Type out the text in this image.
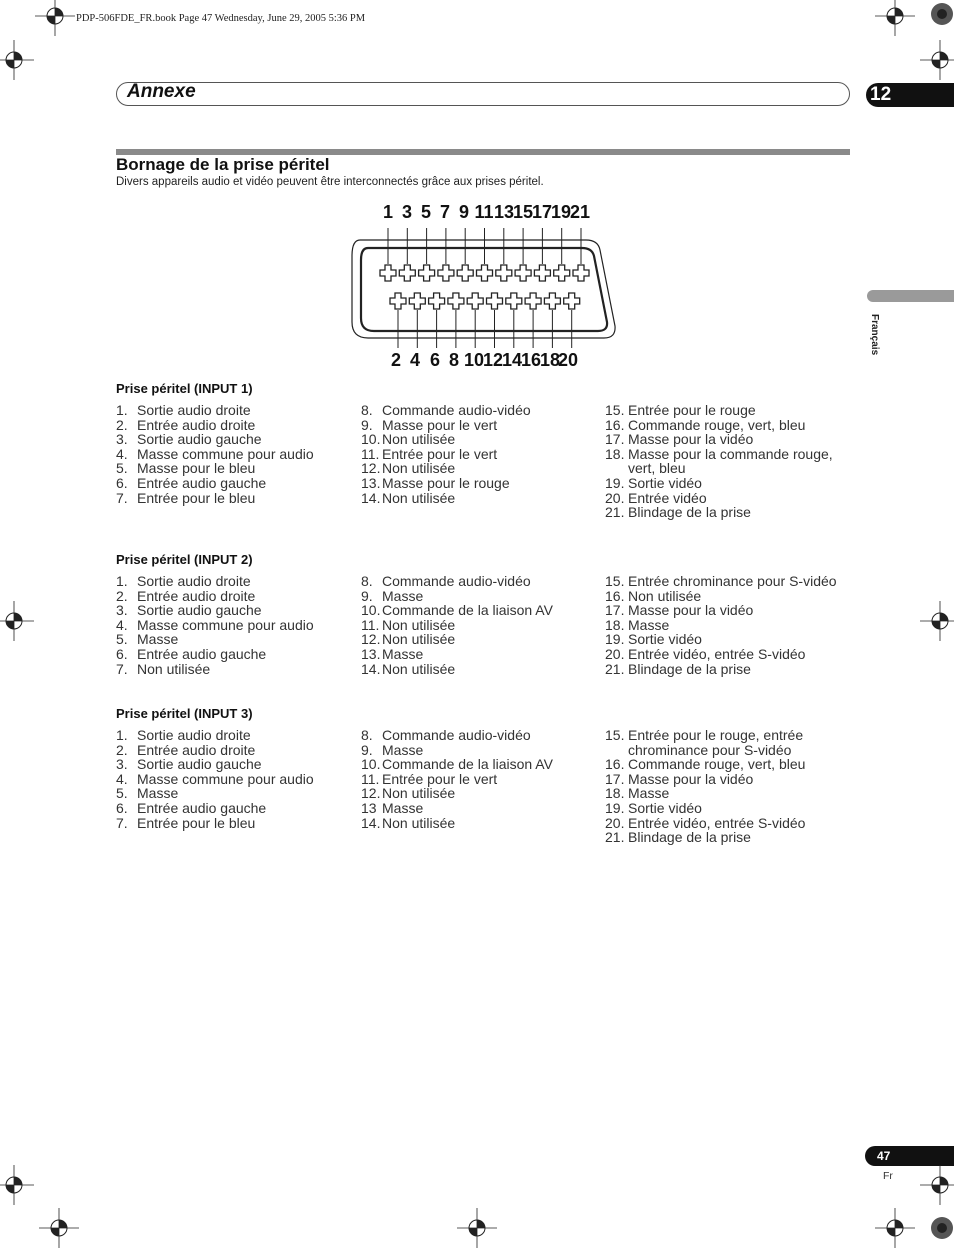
PDP-506FDE_FR.book Page 47 Wednesday, June 29, 2005 5:36 PM
Annexe	12
Bornage de la prise péritel
Divers appareils audio et vidéo peuvent être interconnectés grâce aux prises péritel.
Français
1 3 5 7 9 11 13
15
17
19
21
2 4 6 8 10
12
14
16
18
20
Prise péritel (INPUT 1)
1. Sortie audio droite
2. Entrée audio droite
3. Sortie audio gauche
4. Masse commune pour audio
5. Masse pour le bleu
6. Entrée audio gauche
7. Entrée pour le bleu
8. Commande audio-vidéo
9. Masse pour le vert
10. Non utilisée
11. Entrée pour le vert
12. Non utilisée
13. Masse pour le rouge
14. Non utilisée
15. Entrée pour le rouge
16. Commande rouge, vert, bleu
17. Masse pour la vidéo
18. Masse pour la commande rouge,
vert, bleu
19. Sortie vidéo
20. Entrée vidéo
21. Blindage de la prise
Prise péritel (INPUT 2)
1. Sortie audio droite
2. Entrée audio droite
3. Sortie audio gauche
4. Masse commune pour audio
5. Masse
6. Entrée audio gauche
7. Non utilisée
8. Commande audio-vidéo
9. Masse
10. Commande de la liaison AV
11. Non utilisée
12. Non utilisée
13. Masse
14. Non utilisée
15. Entrée chrominance pour S-vidéo
16. Non utilisée
17. Masse pour la vidéo
18. Masse
19. Sortie vidéo
20. Entrée vidéo, entrée S-vidéo
21. Blindage de la prise
Prise péritel (INPUT 3)
1. Sortie audio droite
2. Entrée audio droite
3. Sortie audio gauche
4. Masse commune pour audio
5. Masse
6. Entrée audio gauche
7. Entrée pour le bleu
8. Commande audio-vidéo
9. Masse
10. Commande de la liaison AV
11. Entrée pour le vert
12. Non utilisée
13 Masse
14. Non utilisée
15. Entrée pour le rouge, entrée
chrominance pour S-vidéo
16. Commande rouge, vert, bleu
17. Masse pour la vidéo
18. Masse
19. Sortie vidéo
20. Entrée vidéo, entrée S-vidéo
21. Blindage de la prise
47
Fr
